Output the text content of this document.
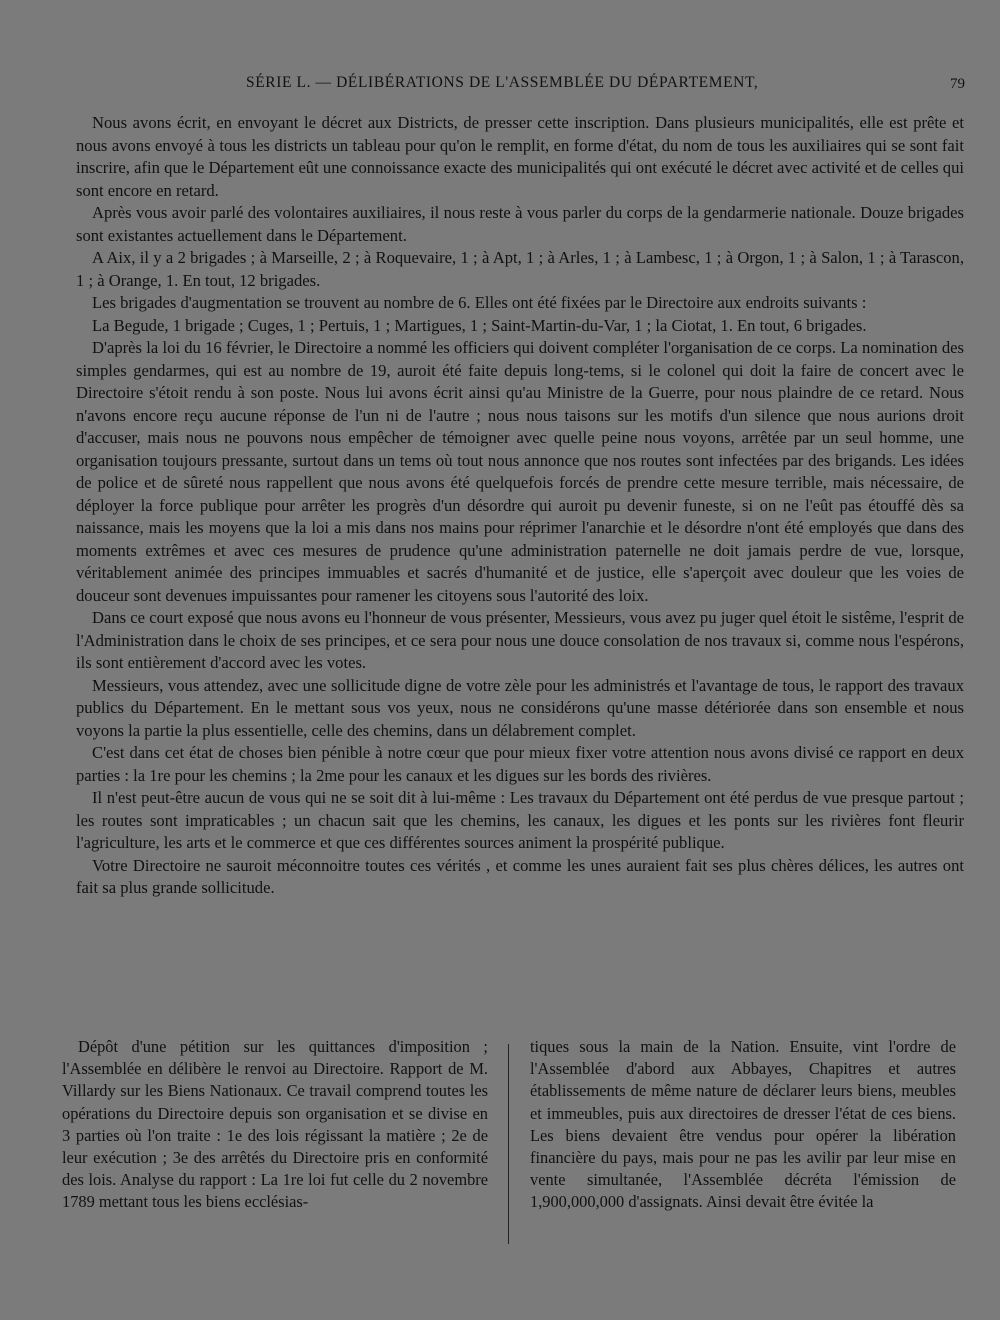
SÉRIE L. — DÉLIBÉRATIONS DE L'ASSEMBLÉE DU DÉPARTEMENT,	79

Nous avons écrit, en envoyant le décret aux Districts, de presser cette inscription. Dans plusieurs municipalités, elle est prête et nous avons envoyé à tous les districts un tableau pour qu'on le remplit, en forme d'état, du nom de tous les auxiliaires qui se sont fait inscrire, afin que le Département eût une connoissance exacte des municipalités qui ont exécuté le décret avec activité et de celles qui sont encore en retard.

Après vous avoir parlé des volontaires auxiliaires, il nous reste à vous parler du corps de la gendarmerie nationale. Douze brigades sont existantes actuellement dans le Département.

A Aix, il y a 2 brigades ; à Marseille, 2 ; à Roquevaire, 1 ; à Apt, 1 ; à Arles, 1 ; à Lambesc, 1 ; à Orgon, 1 ; à Salon, 1 ; à Tarascon, 1 ; à Orange, 1. En tout, 12 brigades.

Les brigades d'augmentation se trouvent au nombre de 6. Elles ont été fixées par le Directoire aux endroits suivants :

La Begude, 1 brigade ; Cuges, 1 ; Pertuis, 1 ; Martigues, 1 ; Saint-Martin-du-Var, 1 ; la Ciotat, 1. En tout, 6 brigades.

D'après la loi du 16 février, le Directoire a nommé les officiers qui doivent compléter l'organisation de ce corps. La nomination des simples gendarmes, qui est au nombre de 19, auroit été faite depuis long-tems, si le colonel qui doit la faire de concert avec le Directoire s'étoit rendu à son poste. Nous lui avons écrit ainsi qu'au Ministre de la Guerre, pour nous plaindre de ce retard. Nous n'avons encore reçu aucune réponse de l'un ni de l'autre ; nous nous taisons sur les motifs d'un silence que nous aurions droit d'accuser, mais nous ne pouvons nous empêcher de témoigner avec quelle peine nous voyons, arrêtée par un seul homme, une organisation toujours pressante, surtout dans un tems où tout nous annonce que nos routes sont infectées par des brigands. Les idées de police et de sûreté nous rappellent que nous avons été quelquefois forcés de prendre cette mesure terrible, mais nécessaire, de déployer la force publique pour arrêter les progrès d'un désordre qui auroit pu devenir funeste, si on ne l'eût pas étouffé dès sa naissance, mais les moyens que la loi a mis dans nos mains pour réprimer l'anarchie et le désordre n'ont été employés que dans des moments extrêmes et avec ces mesures de prudence qu'une administration paternelle ne doit jamais perdre de vue, lorsque, véritablement animée des principes immuables et sacrés d'humanité et de justice, elle s'aperçoit avec douleur que les voies de douceur sont devenues impuissantes pour ramener les citoyens sous l'autorité des loix.

Dans ce court exposé que nous avons eu l'honneur de vous présenter, Messieurs, vous avez pu juger quel étoit le sistême, l'esprit de l'Administration dans le choix de ses principes, et ce sera pour nous une douce consolation de nos travaux si, comme nous l'espérons, ils sont entièrement d'accord avec les votes.

Messieurs, vous attendez, avec une sollicitude digne de votre zèle pour les administrés et l'avantage de tous, le rapport des travaux publics du Département. En le mettant sous vos yeux, nous ne considérons qu'une masse détériorée dans son ensemble et nous voyons la partie la plus essentielle, celle des chemins, dans un délabrement complet.

C'est dans cet état de choses bien pénible à notre cœur que pour mieux fixer votre attention nous avons divisé ce rapport en deux parties : la 1re pour les chemins ; la 2me pour les canaux et les digues sur les bords des rivières.

Il n'est peut-être aucun de vous qui ne se soit dit à lui-même : Les travaux du Département ont été perdus de vue presque partout ; les routes sont impraticables ; un chacun sait que les chemins, les canaux, les digues et les ponts sur les rivières font fleurir l'agriculture, les arts et le commerce et que ces différentes sources animent la prospérité publique.

Votre Directoire ne sauroit méconnoitre toutes ces vérités , et comme les unes auraient fait ses plus chères délices, les autres ont fait sa plus grande sollicitude.

Dépôt d'une pétition sur les quittances d'imposition ; l'Assemblée en délibère le renvoi au Directoire. Rapport de M. Villardy sur les Biens Nationaux. Ce travail comprend toutes les opérations du Directoire depuis son organisation et se divise en 3 parties où l'on traite : 1e des lois régissant la matière ; 2e de leur exécution ; 3e des arrêtés du Directoire pris en conformité des lois. Analyse du rapport : La 1re loi fut celle du 2 novembre 1789 mettant tous les biens ecclésias-

tiques sous la main de la Nation. Ensuite, vint l'ordre de l'Assemblée d'abord aux Abbayes, Chapitres et autres établissements de même nature de déclarer leurs biens, meubles et immeubles, puis aux directoires de dresser l'état de ces biens. Les biens devaient être vendus pour opérer la libération financière du pays, mais pour ne pas les avilir par leur mise en vente simultanée, l'Assemblée décréta l'émission de 1,900,000,000 d'assignats. Ainsi devait être évitée la
